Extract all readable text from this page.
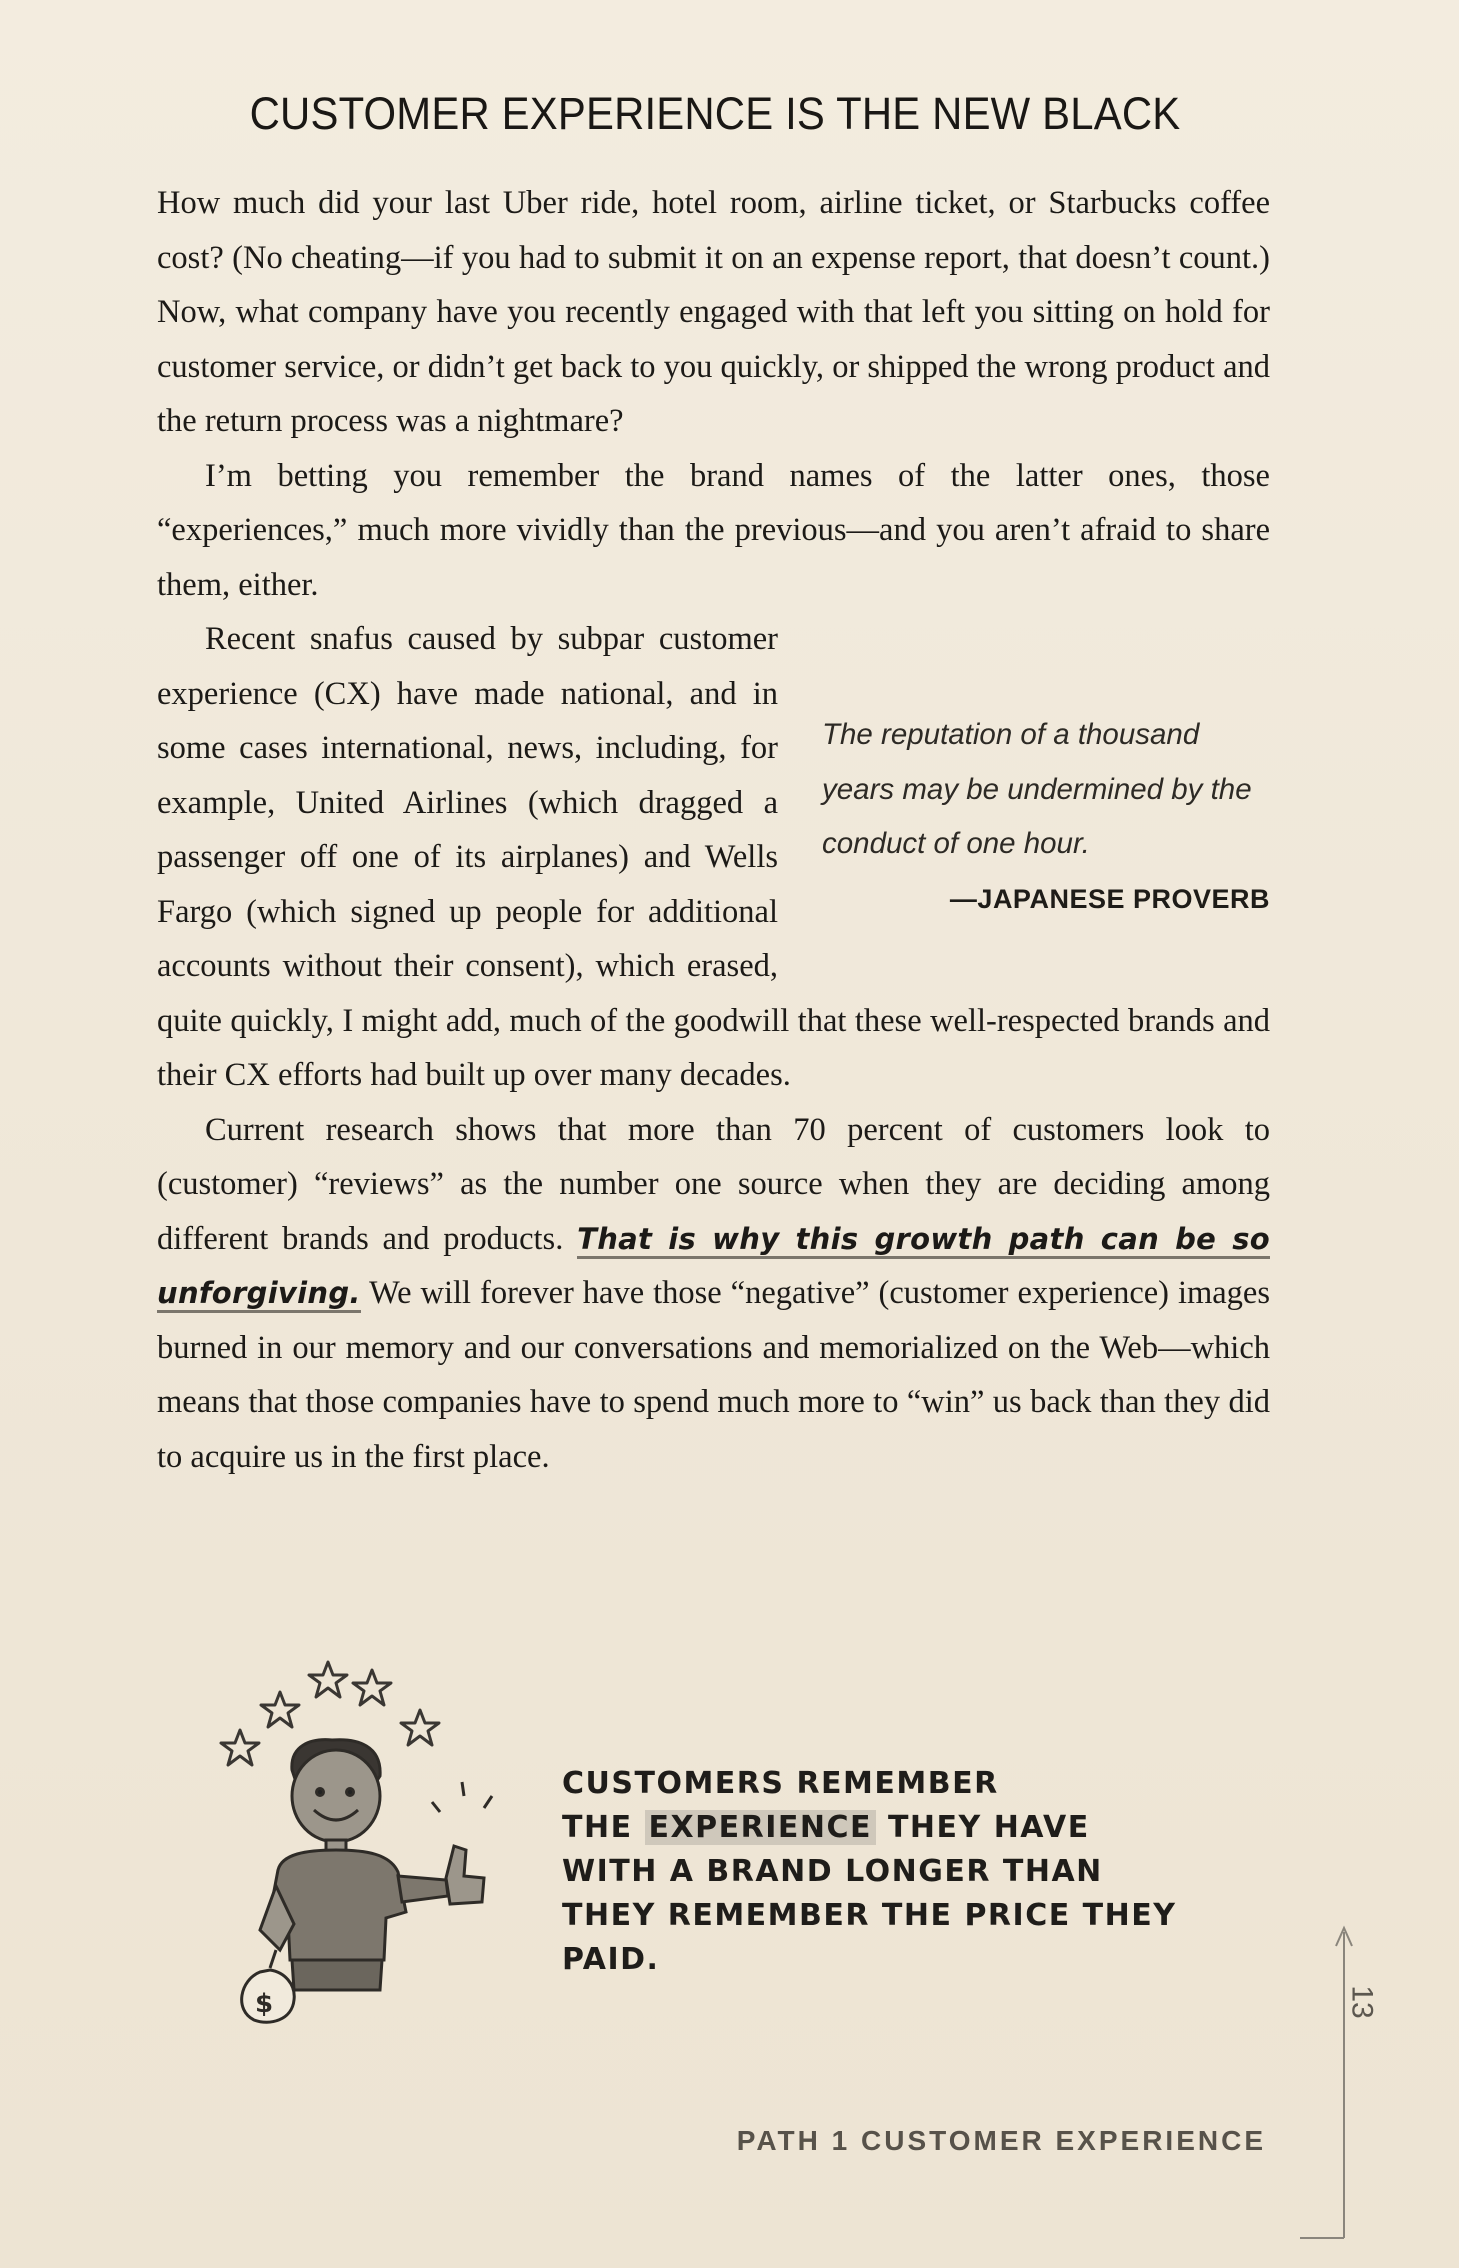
CUSTOMER EXPERIENCE IS THE NEW BLACK

How much did your last Uber ride, hotel room, airline ticket, or Starbucks coffee cost? (No cheating—if you had to submit it on an expense report, that doesn’t count.) Now, what company have you recently engaged with that left you sitting on hold for customer service, or didn’t get back to you quickly, or shipped the wrong product and the return process was a nightmare?

I’m betting you remember the brand names of the latter ones, those “experiences,” much more vividly than the previous—and you aren’t afraid to share them, either.

The reputation of a thousand years may be undermined by the conduct of one hour.
—JAPANESE PROVERB

Recent snafus caused by subpar customer experience (CX) have made national, and in some cases international, news, including, for example, United Airlines (which dragged a passenger off one of its airplanes) and Wells Fargo (which signed up people for additional accounts without their consent), which erased, quite quickly, I might add, much of the goodwill that these well-respected brands and their CX efforts had built up over many decades.

Current research shows that more than 70 percent of customers look to (customer) “reviews” as the number one source when they are deciding among different brands and products. That is why this growth path can be so unforgiving. We will forever have those “negative” (customer experience) images burned in our memory and our conversations and memorialized on the Web—which means that those companies have to spend much more to “win” us back than they did to acquire us in the first place.

$
CUSTOMERS REMEMBER
THE EXPERIENCE THEY HAVE
WITH A BRAND LONGER THAN
THEY REMEMBER THE PRICE THEY PAID.
13
PATH 1 CUSTOMER EXPERIENCE
